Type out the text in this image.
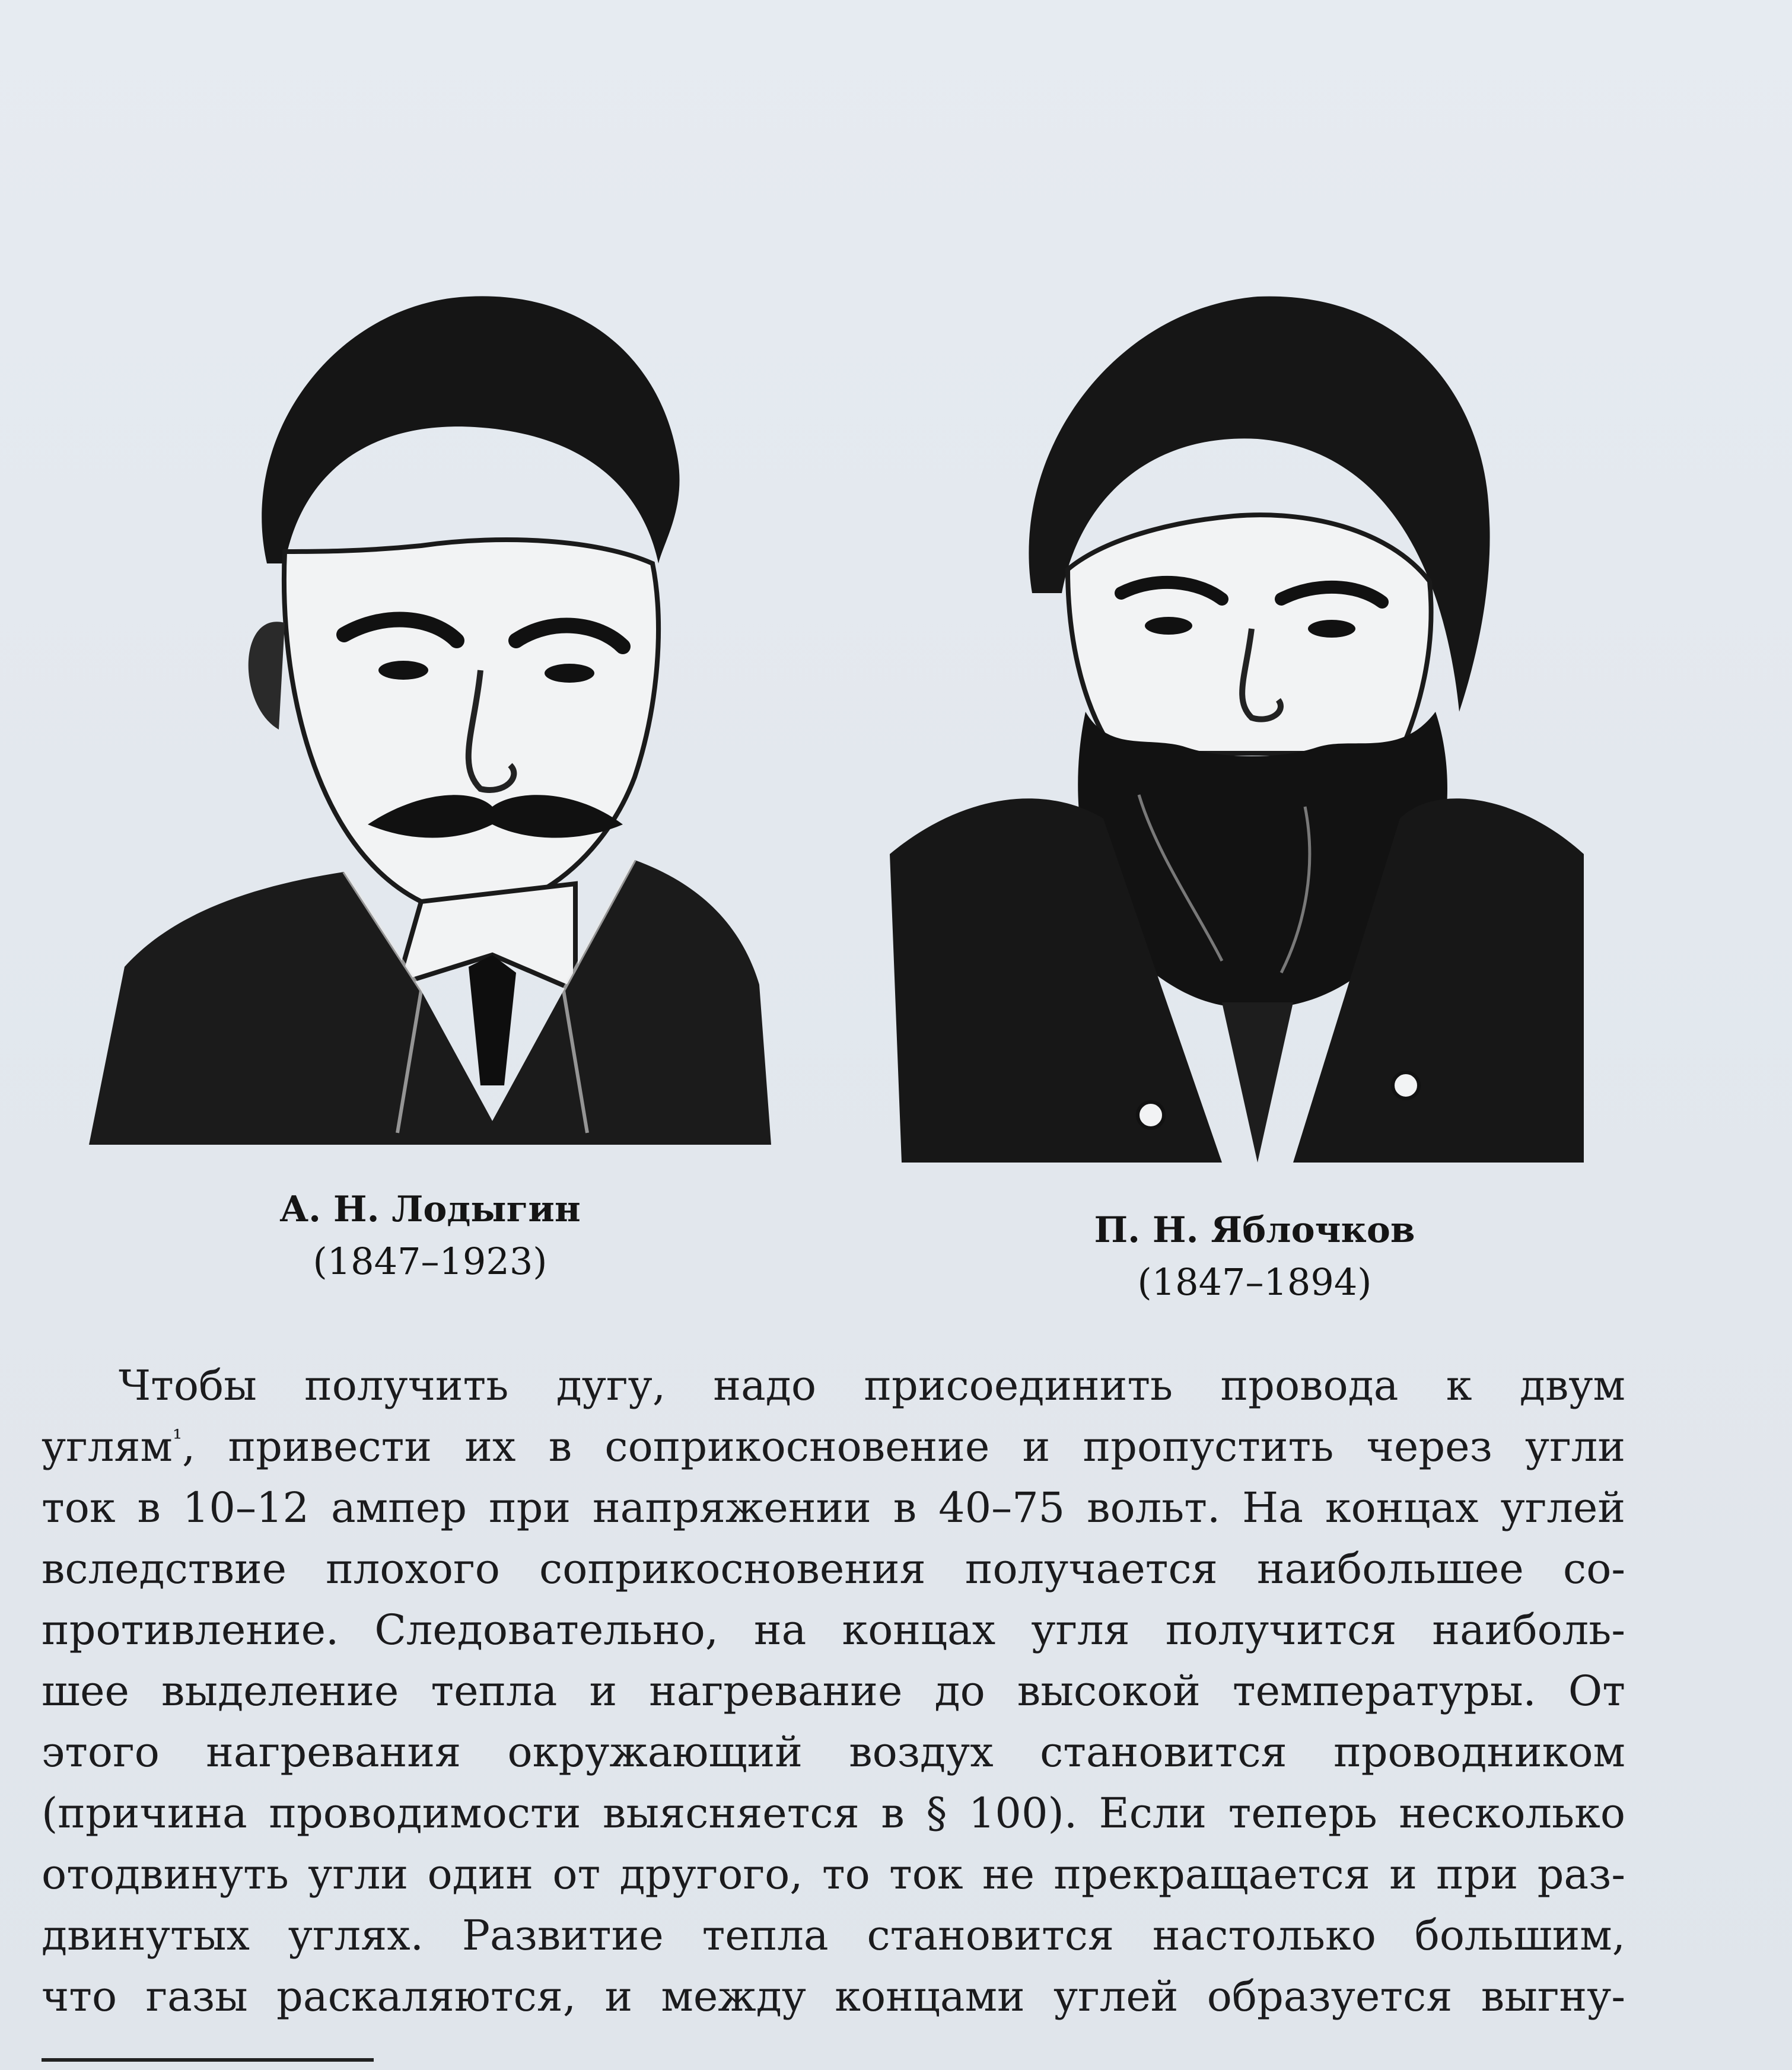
А. Н. Лодыгин
(1847–1923)
П. Н. Яблочков
(1847–1894)
Чтобы получить дугу, надо присоединить провода к двум
углям$^{^1}$, привести их в соприкосновение и пропустить через угли
ток в 10–12 ампер при напряжении в 40–75 вольт. На концах углей
вследствие плохого соприкосновения получается наибольшее со-
противление. Следовательно, на концах угля получится наиболь-
шее выделение тепла и нагревание до высокой температуры. От
этого нагревания окружающий воздух становится проводником
(причина проводимости выясняется в § 100). Если теперь несколько
отодвинуть угли один от другого, то ток не прекращается и при раз-
двинутых углях. Развитие тепла становится настолько большим,
что газы раскаляются, и между концами углей образуется выгну-
